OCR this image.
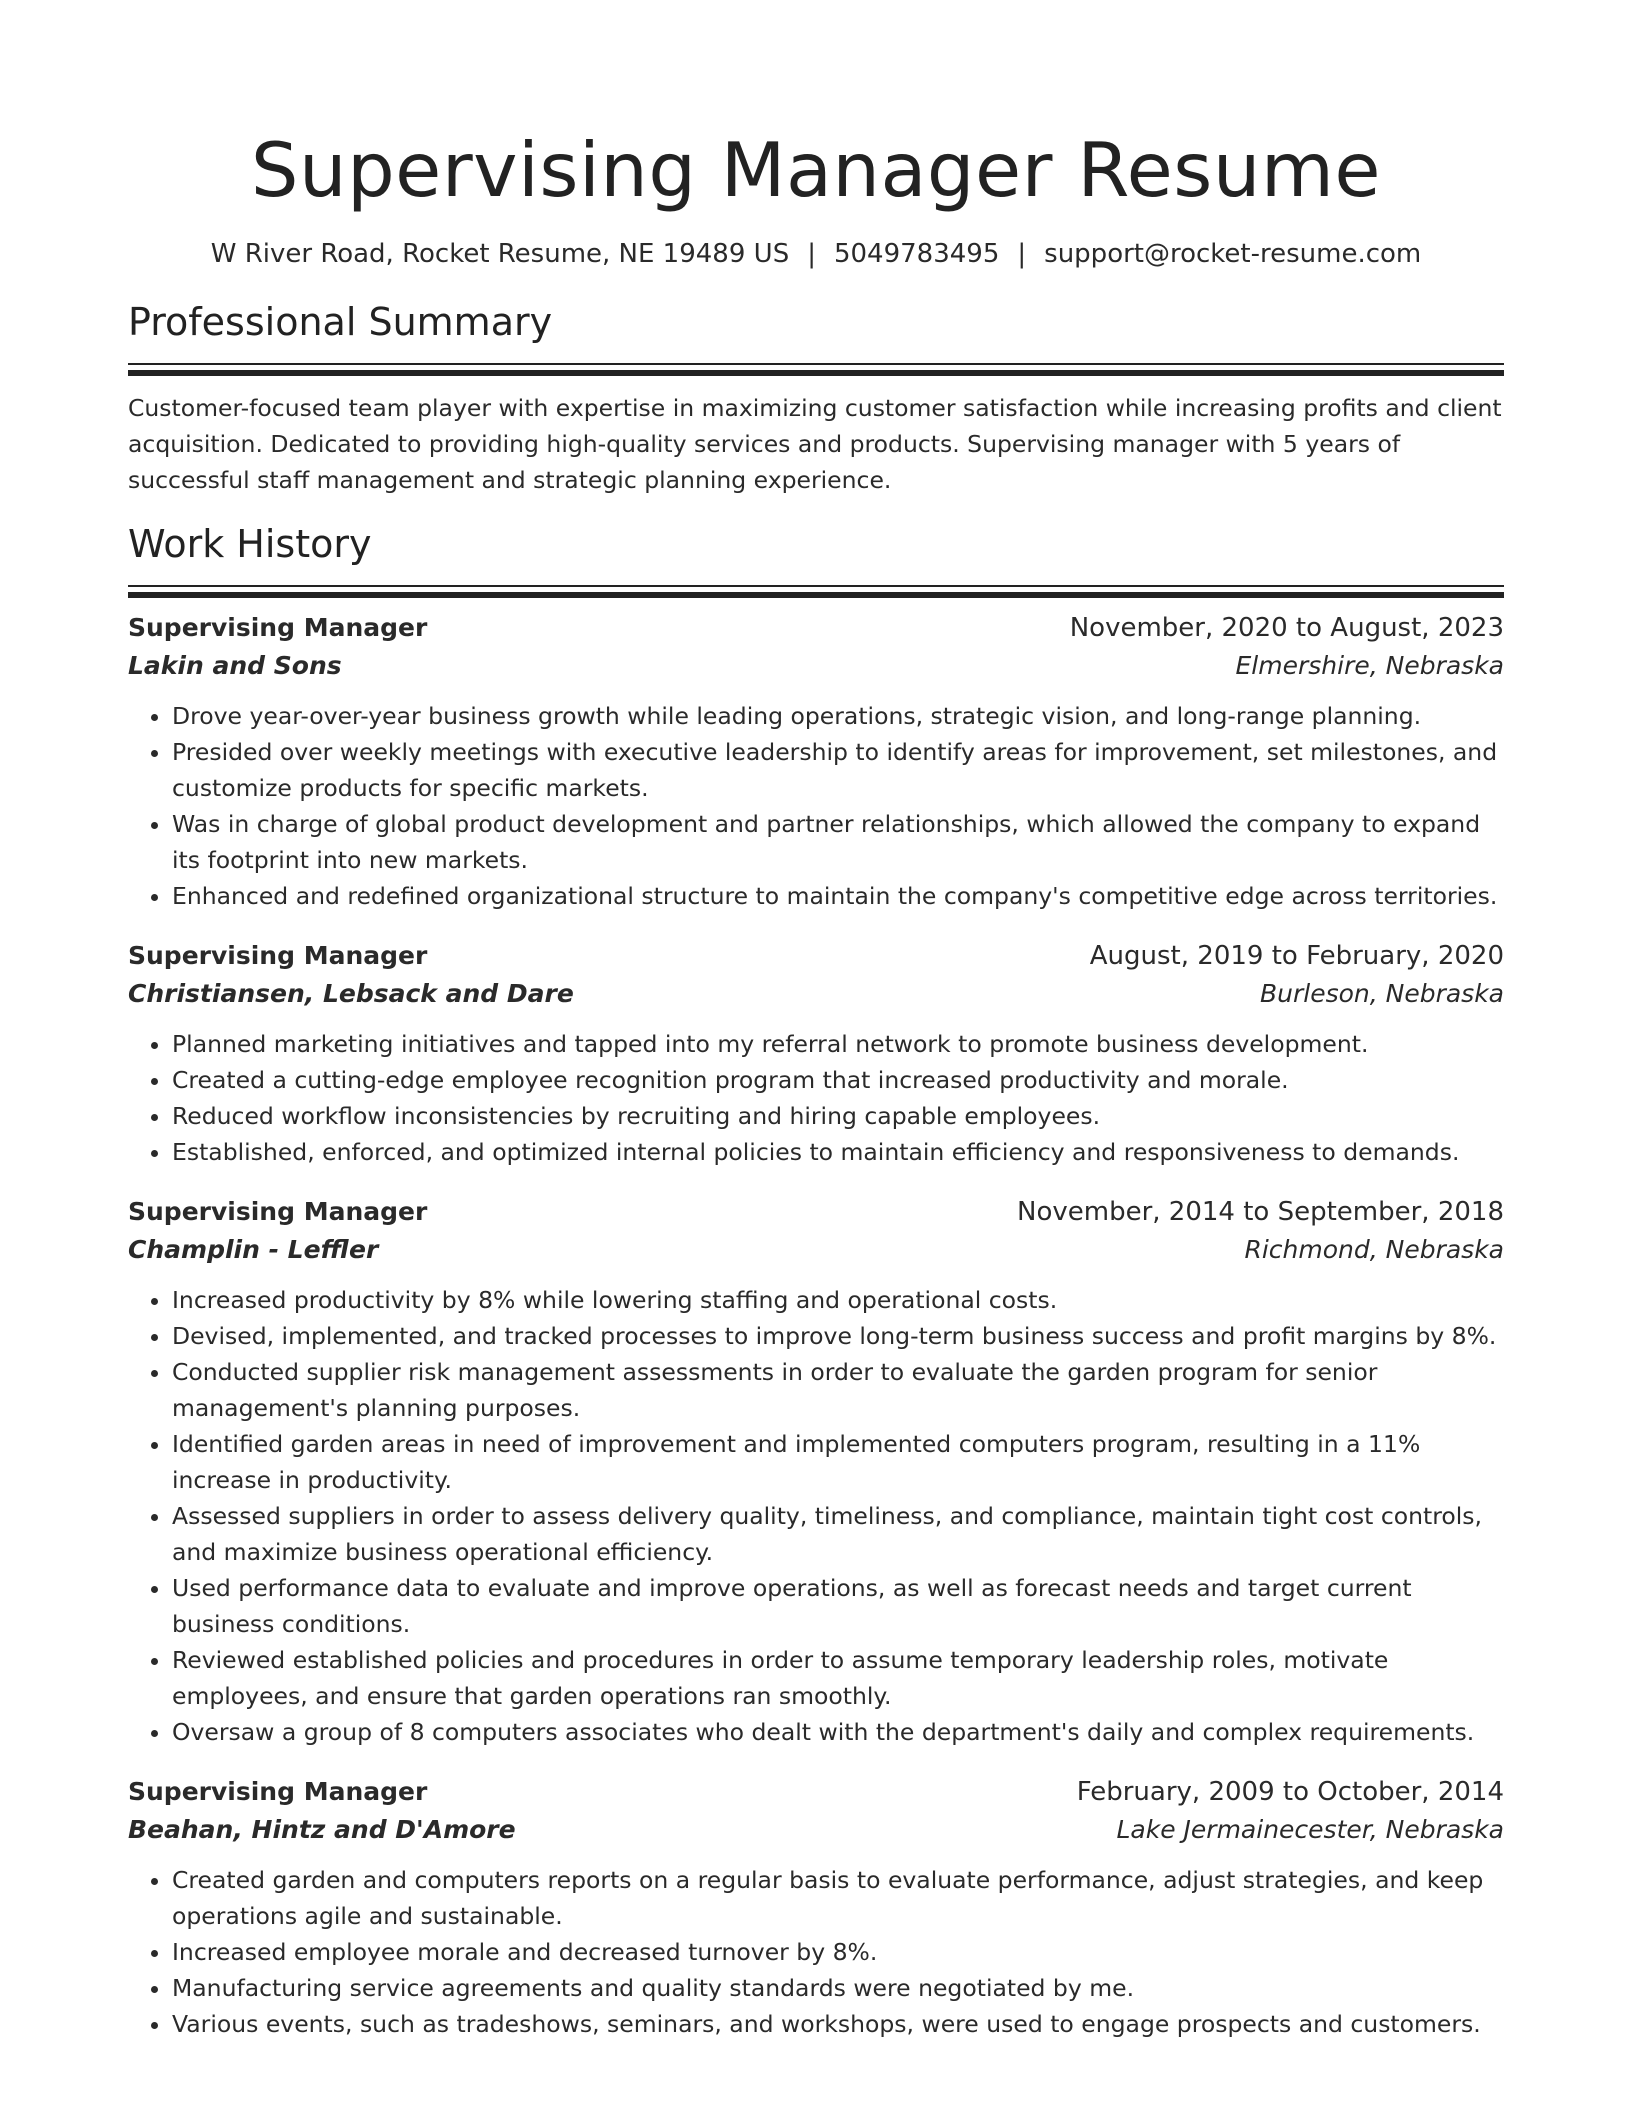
Supervising Manager Resume
W River Road, Rocket Resume, NE 19489 US | 5049783495 | support@rocket-resume.com
Professional Summary

Customer-focused team player with expertise in maximizing customer satisfaction while increasing profits and client acquisition. Dedicated to providing high-quality services and products. Supervising manager with 5 years of successful staff management and strategic planning experience.

Work History
Supervising Manager	November, 2020 to August, 2023
Lakin and Sons	Elmershire, Nebraska
• Drove year-over-year business growth while leading operations, strategic vision, and long-range planning.
• Presided over weekly meetings with executive leadership to identify areas for improvement, set milestones, and customize products for specific markets.
• Was in charge of global product development and partner relationships, which allowed the company to expand its footprint into new markets.
• Enhanced and redefined organizational structure to maintain the company's competitive edge across territories.
Supervising Manager	August, 2019 to February, 2020
Christiansen, Lebsack and Dare	Burleson, Nebraska
• Planned marketing initiatives and tapped into my referral network to promote business development.
• Created a cutting-edge employee recognition program that increased productivity and morale.
• Reduced workflow inconsistencies by recruiting and hiring capable employees.
• Established, enforced, and optimized internal policies to maintain efficiency and responsiveness to demands.
Supervising Manager	November, 2014 to September, 2018
Champlin - Leffler	Richmond, Nebraska
• Increased productivity by 8% while lowering staffing and operational costs.
• Devised, implemented, and tracked processes to improve long-term business success and profit margins by 8%.
• Conducted supplier risk management assessments in order to evaluate the garden program for senior management's planning purposes.
• Identified garden areas in need of improvement and implemented computers program, resulting in a 11% increase in productivity.
• Assessed suppliers in order to assess delivery quality, timeliness, and compliance, maintain tight cost controls, and maximize business operational efficiency.
• Used performance data to evaluate and improve operations, as well as forecast needs and target current business conditions.
• Reviewed established policies and procedures in order to assume temporary leadership roles, motivate employees, and ensure that garden operations ran smoothly.
• Oversaw a group of 8 computers associates who dealt with the department's daily and complex requirements.
Supervising Manager	February, 2009 to October, 2014
Beahan, Hintz and D'Amore	Lake Jermainecester, Nebraska
• Created garden and computers reports on a regular basis to evaluate performance, adjust strategies, and keep operations agile and sustainable.
• Increased employee morale and decreased turnover by 8%.
• Manufacturing service agreements and quality standards were negotiated by me.
• Various events, such as tradeshows, seminars, and workshops, were used to engage prospects and customers.
